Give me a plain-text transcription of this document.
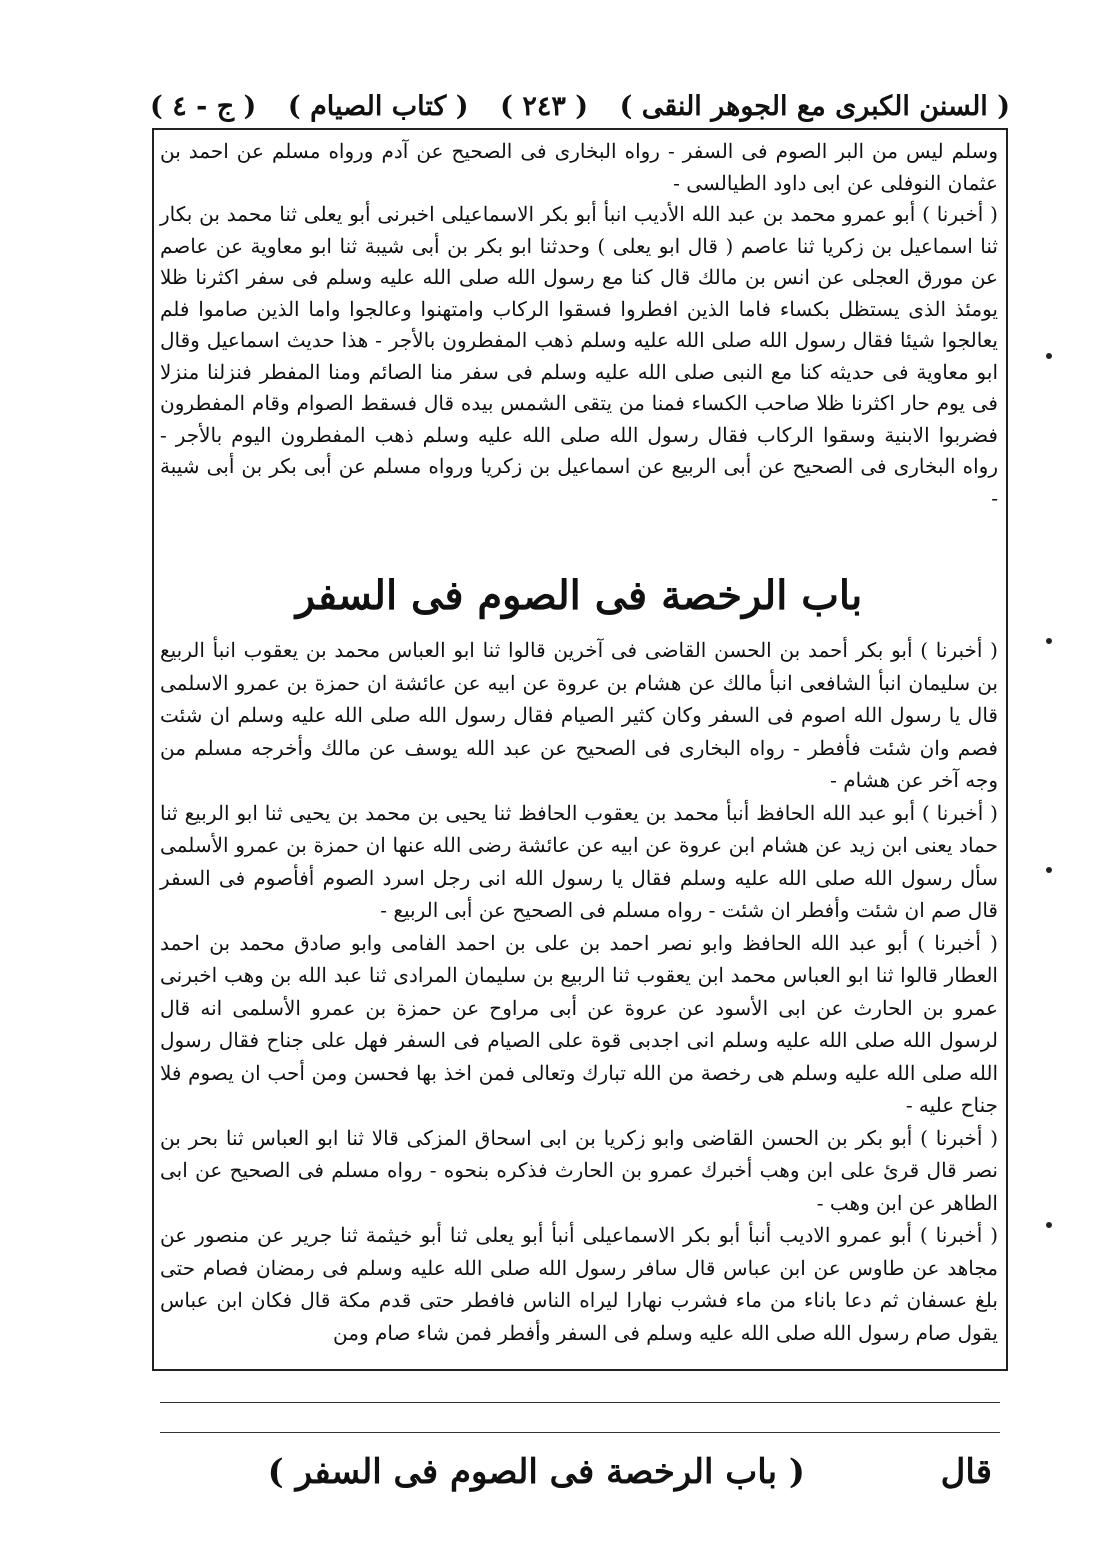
( السنن الكبرى مع الجوهر النقى )
( ٢٤٣ )
( كتاب الصيام )
( ج - ٤ )

وسلم ليس من البر الصوم فى السفر - رواه البخارى فى الصحيح عن آدم ورواه مسلم عن احمد بن عثمان النوفلى عن ابى داود الطيالسى -

( أخبرنا ) أبو عمرو محمد بن عبد الله الأديب انبأ أبو بكر الاسماعيلى اخبرنى أبو يعلى ثنا محمد بن بكار ثنا اسماعيل بن زكريا ثنا عاصم ( قال ابو يعلى ) وحدثنا ابو بكر بن أبى شيبة ثنا ابو معاوية عن عاصم عن مورق العجلى عن انس بن مالك قال كنا مع رسول الله صلى الله عليه وسلم فى سفر اكثرنا ظلا يومئذ الذى يستظل بكساء فاما الذين افطروا فسقوا الركاب وامتهنوا وعالجوا واما الذين صاموا فلم يعالجوا شيئا فقال رسول الله صلى الله عليه وسلم ذهب المفطرون بالأجر - هذا حديث اسماعيل وقال ابو معاوية فى حديثه كنا مع النبى صلى الله عليه وسلم فى سفر منا الصائم ومنا المفطر فنزلنا منزلا فى يوم حار اكثرنا ظلا صاحب الكساء فمنا من يتقى الشمس بيده قال فسقط الصوام وقام المفطرون فضربوا الابنية وسقوا الركاب فقال رسول الله صلى الله عليه وسلم ذهب المفطرون اليوم بالأجر - رواه البخارى فى الصحيح عن أبى الربيع عن اسماعيل بن زكريا ورواه مسلم عن أبى بكر بن أبى شيبة -

باب الرخصة فى الصوم فى السفر

( أخبرنا ) أبو بكر أحمد بن الحسن القاضى فى آخرين قالوا ثنا ابو العباس محمد بن يعقوب انبأ الربيع بن سليمان انبأ الشافعى انبأ مالك عن هشام بن عروة عن ابيه عن عائشة ان حمزة بن عمرو الاسلمى قال يا رسول الله اصوم فى السفر وكان كثير الصيام فقال رسول الله صلى الله عليه وسلم ان شئت فصم وان شئت فأفطر - رواه البخارى فى الصحيح عن عبد الله يوسف عن مالك وأخرجه مسلم من وجه آخر عن هشام -

( أخبرنا ) أبو عبد الله الحافظ أنبأ محمد بن يعقوب الحافظ ثنا يحيى بن محمد بن يحيى ثنا ابو الربيع ثنا حماد يعنى ابن زيد عن هشام ابن عروة عن ابيه عن عائشة رضى الله عنها ان حمزة بن عمرو الأسلمى سأل رسول الله صلى الله عليه وسلم فقال يا رسول الله انى رجل اسرد الصوم أفأصوم فى السفر قال صم ان شئت وأفطر ان شئت - رواه مسلم فى الصحيح عن أبى الربيع -

( أخبرنا ) أبو عبد الله الحافظ وابو نصر احمد بن على بن احمد الفامى وابو صادق محمد بن احمد العطار قالوا ثنا ابو العباس محمد ابن يعقوب ثنا الربيع بن سليمان المرادى ثنا عبد الله بن وهب اخبرنى عمرو بن الحارث عن ابى الأسود عن عروة عن أبى مراوح عن حمزة بن عمرو الأسلمى انه قال لرسول الله صلى الله عليه وسلم انى اجدبى قوة على الصيام فى السفر فهل على جناح فقال رسول الله صلى الله عليه وسلم هى رخصة من الله تبارك وتعالى فمن اخذ بها فحسن ومن أحب ان يصوم فلا جناح عليه -

( أخبرنا ) أبو بكر بن الحسن القاضى وابو زكريا بن ابى اسحاق المزكى قالا ثنا ابو العباس ثنا بحر بن نصر قال قرئ على ابن وهب أخبرك عمرو بن الحارث فذكره بنحوه - رواه مسلم فى الصحيح عن ابى الطاهر عن ابن وهب -

( أخبرنا ) أبو عمرو الاديب أنبأ أبو بكر الاسماعيلى أنبأ أبو يعلى ثنا أبو خيثمة ثنا جرير عن منصور عن مجاهد عن طاوس عن ابن عباس قال سافر رسول الله صلى الله عليه وسلم فى رمضان فصام حتى بلغ عسفان ثم دعا باناء من ماء فشرب نهارا ليراه الناس فافطر حتى قدم مكة قال فكان ابن عباس يقول صام رسول الله صلى الله عليه وسلم فى السفر وأفطر فمن شاء صام ومن

قال
( باب الرخصة فى الصوم فى السفر )
